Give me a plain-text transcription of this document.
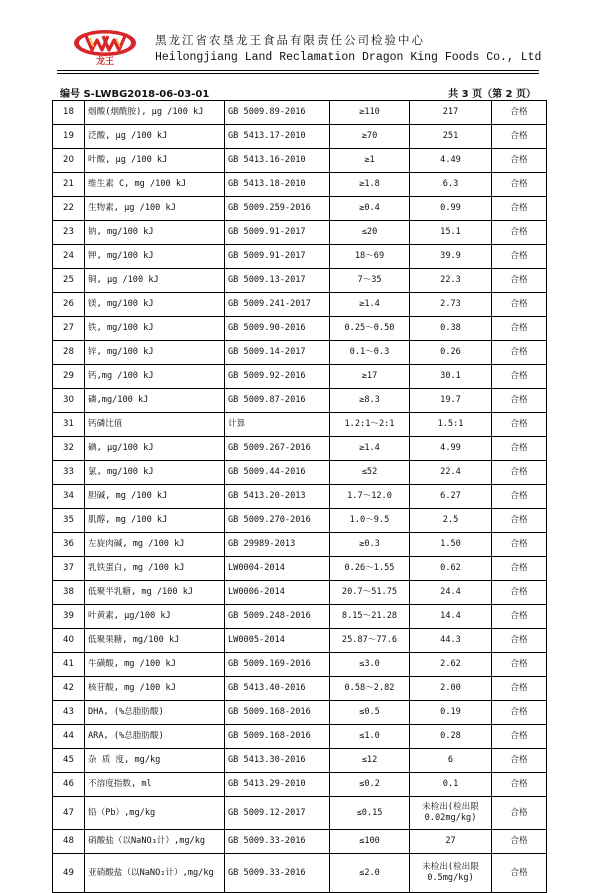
龙王
黑龙江省农垦龙王食品有限责任公司检验中心
Heilongjiang Land Reclamation Dragon King Foods Co., Ltd
编号 S-LWBG2018-06-03-01	共 3 页（第 2 页）
18	烟酸(烟酰胺), μg /100 kJ	GB 5009.89-2016	≥110	217	合格
19	泛酸, μg /100 kJ	GB 5413.17-2010	≥70	251	合格
20	叶酸, μg /100 kJ	GB 5413.16-2010	≥1	4.49	合格
21	维生素 C, mg /100 kJ	GB 5413.18-2010	≥1.8	6.3	合格
22	生物素, μg /100 kJ	GB 5009.259-2016	≥0.4	0.99	合格
23	钠, mg/100 kJ	GB 5009.91-2017	≤20	15.1	合格
24	钾, mg/100 kJ	GB 5009.91-2017	18～69	39.9	合格
25	铜, μg /100 kJ	GB 5009.13-2017	7～35	22.3	合格
26	镁, mg/100 kJ	GB 5009.241-2017	≥1.4	2.73	合格
27	铁, mg/100 kJ	GB 5009.90-2016	0.25～0.50	0.38	合格
28	锌, mg/100 kJ	GB 5009.14-2017	0.1～0.3	0.26	合格
29	钙,mg /100 kJ	GB 5009.92-2016	≥17	30.1	合格
30	磷,mg/100 kJ	GB 5009.87-2016	≥8.3	19.7	合格
31	钙磷比值	计算	1.2:1～2:1	1.5:1	合格
32	碘, μg/100 kJ	GB 5009.267-2016	≥1.4	4.99	合格
33	氯, mg/100 kJ	GB 5009.44-2016	≤52	22.4	合格
34	胆碱, mg /100 kJ	GB 5413.20-2013	1.7～12.0	6.27	合格
35	肌醇, mg /100 kJ	GB 5009.270-2016	1.0～9.5	2.5	合格
36	左旋肉碱, mg /100 kJ	GB 29989-2013	≥0.3	1.50	合格
37	乳铁蛋白, mg /100 kJ	LW0004-2014	0.26～1.55	0.62	合格
38	低聚半乳糖, mg /100 kJ	LW0006-2014	20.7～51.75	24.4	合格
39	叶黄素, μg/100 kJ	GB 5009.248-2016	8.15～21.28	14.4	合格
40	低聚果糖, mg/100 kJ	LW0005-2014	25.87～77.6	44.3	合格
41	牛磺酸, mg /100 kJ	GB 5009.169-2016	≤3.0	2.62	合格
42	核苷酸, mg /100 kJ	GB 5413.40-2016	0.58～2.82	2.00	合格
43	DHA, (%总脂肪酸)	GB 5009.168-2016	≤0.5	0.19	合格
44	ARA, (%总脂肪酸)	GB 5009.168-2016	≤1.0	0.28	合格
45	杂 质 度, mg/kg	GB 5413.30-2016	≤12	6	合格
46	不溶度指数, ml	GB 5413.29-2010	≤0.2	0.1	合格
47	铅（Pb）,mg/kg	GB 5009.12-2017	≤0.15	未检出(检出限 0.02mg/kg)	合格
48	硝酸盐（以NaNO₃计）,mg/kg	GB 5009.33-2016	≤100	27	合格
49	亚硝酸盐（以NaNO₂计）,mg/kg	GB 5009.33-2016	≤2.0	未检出(检出限 0.5mg/kg)	合格
